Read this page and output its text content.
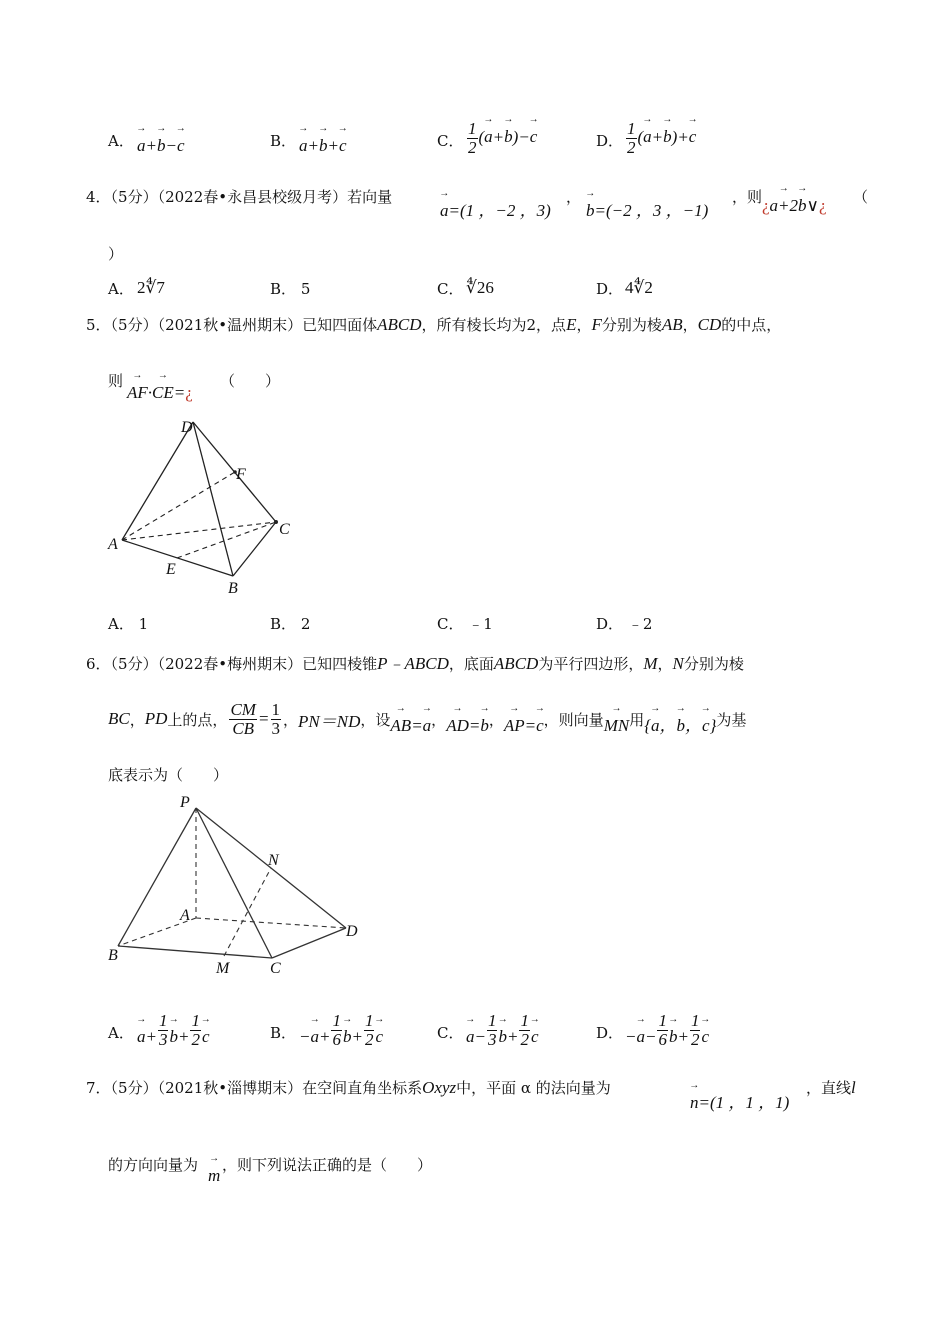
A．
→ a+→ b−→ c	B．
→ a+→ b+→ c	C． $\frac{1}{2}$ (→ a+→ b)−→ c	D． $\frac{1}{2}$ (→ a+→ b)+→ c
4．（5分）（2022春•永昌县校级月考）若向量
→ a=(1 ，−2 ，3)
，
→ b=(−2 ，3 ，−1)
，则 ¿→ a+2→ b∨¿ （
）
A． 2∜7	B． 5	C． ∜26	D． 4∜2
5．（5分）（2021秋•温州期末）已知四面体ABCD，所有棱长均为2，点E，F分别为棱AB，CD的中点，
则
→ AF·→ CE=¿
（　　）
D
F
C
A
E
B
A． 1	B． 2	C． ﹣1	D． ﹣2
6．（5分）（2022春•梅州期末）已知四棱锥P﹣ABCD，底面ABCD为平行四边形，M，N分别为棱
BC ， PD 上的点， $\frac{CM}{CB} = \frac{1}{3}$ ， PN＝ND ，设
→ AB=→ a ，
→ AD=→ b ，
→ AP=→ c ，则向量
→ MN 用 {→ a，→ b，→ c} 为基
底表示为（　　）
P
N
A
D
B
M	C
A．
→ $a + \frac{1}{3}$
→ $b + \frac{1}{2}$
→ c	B． −
→ $a + \frac{1}{6}$
→ $b + \frac{1}{2}$
→ c	C．
→ $a - \frac{1}{3}$
→ $b + \frac{1}{2}$
→ c	D． −
→ $a - \frac{1}{6}$
→ $b + \frac{1}{2}$
→ c
7．（5分）（2021秋•淄博期末）在空间直角坐标系Oxyz中，平面 α 的法向量为
→ n=(1 ，1 ，1)
，直线l
的方向向量为
→ m
，则下列说法正确的是（　　）
